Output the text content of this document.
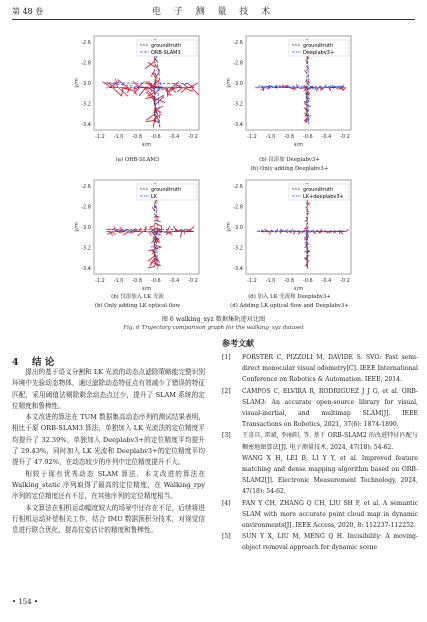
第 48 卷	电 子 测 量 技 术
-2.6
-2.8
-3.0
-3.2
-3.4
-1.2 -1.0 -0.8 -0.6 -0.4 -0.2
x/m
y/m
groundtruth
ORB-SLAM3
(a) ORB-SLAM3
-2.6
-2.8
-3.0
-3.2
-3.4
-1.2 -1.0 -0.8 -0.6 -0.4 -0.2
x/m
y/m
groundtruth
Deeplabv3+
(b) 仅添加 Deeplabv3+
(b) Only adding Deeplabv3+
-2.6
-2.8
-3.0
-3.2
-3.4
-1.2 -1.0 -0.8 -0.6 -0.4 -0.2
x/m
y/m
groundtruth
LK
(b) 仅添加入 LK 光流
(b) Only adding LK optical flow
-2.6
-2.8
-3.0
-3.2
-3.4
-1.2 -1.0 -0.8 -0.6 -0.4 -0.2
x/m
y/m
groundtruth
LK+deeplabv3+
(d) 加入 LK 光流和 Deeplabv3+
(d) Adding LK optical flow and Deeplabv3+
图 6 walking_xyz 数据集轨迹对比图
Fig. 6 Trajectory comparison graph for the walking_xyz dataset
4 结 论
提出的基于语义分割和 LK 光流的动态点滤除策略能完整识别环境中先验动态物体，通过滤除动态特征点有效减少了错误的特征匹配，采用阈值法剔除剩余动态点过少，提升了 SLAM 系统的定位精度和鲁棒性。
本文改进的算法在 TUM 数据集高动态序列的测试结果表明，相比于原 ORB-SLAM3 算法，单独加入 LK 光流法的定位精度平均提升了 32.39%，单独加入 Deeplabv3+的定位精度平均提升了 29.43%，同时加入 LK 光流和 Deeplabv3+的定位精度平均提升了 47.92%，在动态较少的序列中定位精度提升不大。
相较于现有优秀动态 SLAM 算法，本文改进的算法在 Walking_static 序列取得了最高的定位精度，在 Walking_rpy 序列的定位精度还有不足，在其他序列的定位精度相当。
本文算法在相机运动幅度较大的场景中还存在不足，后续将进行相机运动补偿相关工作，结合 IMU 数据预积分技术，对视觉信息进行联合优化，提高位姿估计的精度和鲁棒性。
参考文献
[1] FORSTER C, PIZZOLI M, DAVIDE S. SVO: Fast semi-direct monocular visual odometry[C]. IEEE International Conference on Robotics & Automation. IEEE, 2014.
[2] CAMPOS C, ELVIRA R, RODRIGUEZ J J G, et al. ORB-SLAM3: An accurate open-source library for visual, visual-inertial, and multimap SLAM[J]. IEEE Transactions on Robotics, 2021, 37(6): 1874-1890.
[3] 王喜旦, 雷斌, 李丽阳, 等. 基于 ORB-SLAM2 的改进特征匹配与稠密地图算法[J]. 电子测量技术, 2024, 47(18): 54-62.
WANG X H, LEI B, LI Y Y, et al. Improved feature matching and dense mapping algorithm based on ORB-SLAM2[J]. Electronic Measurement Technology, 2024, 47(18): 54-62.
[4] FAN Y CH, ZHANG Q CH, LIU SH F, et al. A semantic SLAM with more accurate point cloud map in dynamic environments[J]. IEEE Access, 2020, 8: 112237-112252.
[5] SUN Y X, LIU M, MENG Q H. Invisibility: A moving-object removal approach for dynamic scene
• 154 •
